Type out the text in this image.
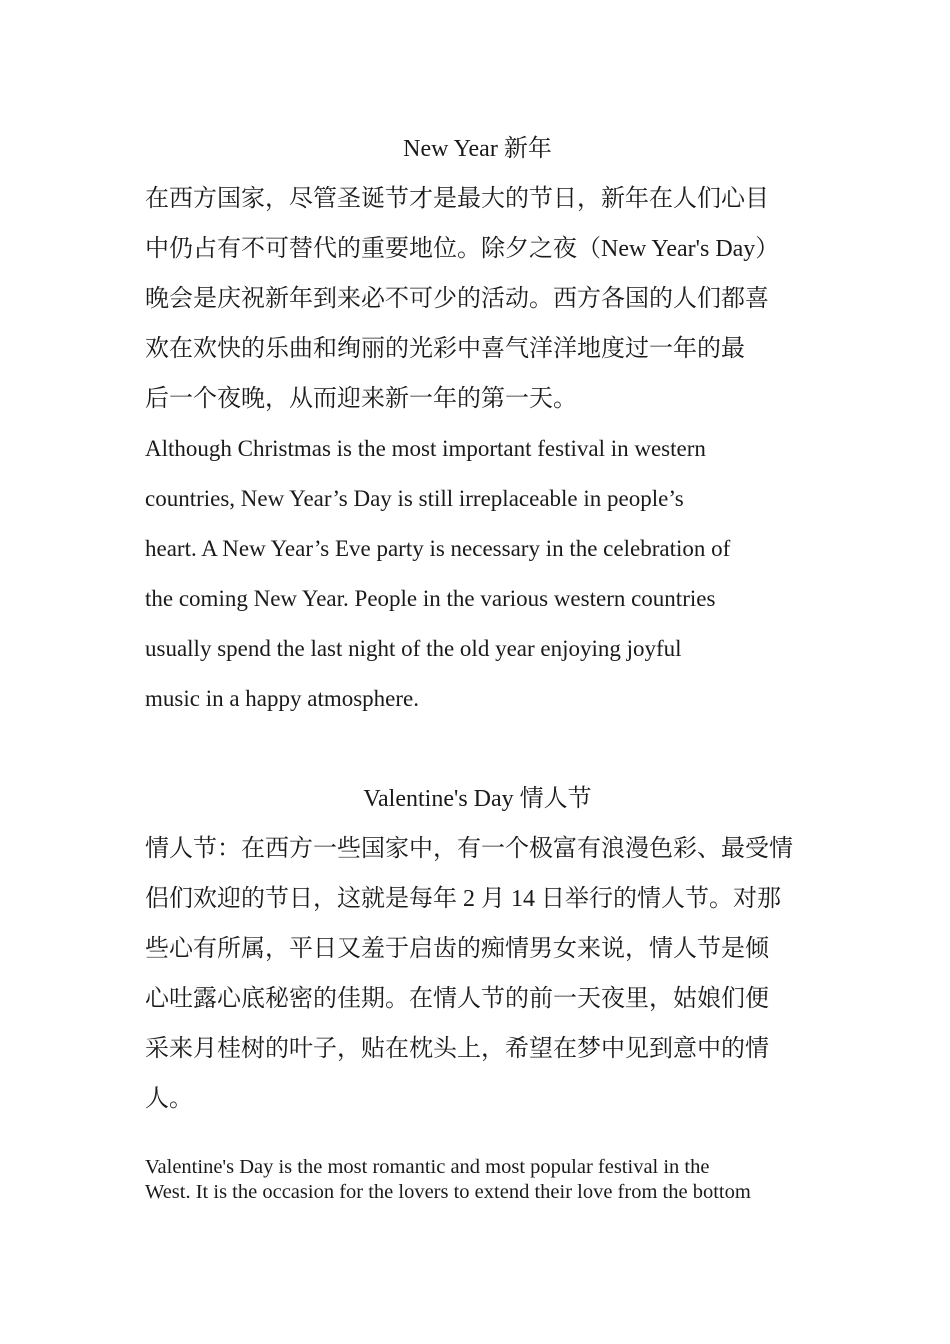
New Year 新年

在西方国家，尽管圣诞节才是最大的节日，新年在人们心目

中仍占有不可替代的重要地位。除夕之夜（New Year's Day）

晚会是庆祝新年到来必不可少的活动。西方各国的人们都喜

欢在欢快的乐曲和绚丽的光彩中喜气洋洋地度过一年的最

后一个夜晚，从而迎来新一年的第一天。

Although Christmas is the most important festival in western

countries, New Year’s Day is still irreplaceable in people’s

heart. A New Year’s Eve party is necessary in the celebration of

the coming New Year. People in the various western countries

usually spend the last night of the old year enjoying joyful

music in a happy atmosphere.

Valentine's Day 情人节

情人节：在西方一些国家中，有一个极富有浪漫色彩、最受情

侣们欢迎的节日，这就是每年 2 月 14 日举行的情人节。对那

些心有所属，平日又羞于启齿的痴情男女来说，情人节是倾

心吐露心底秘密的佳期。在情人节的前一天夜里，姑娘们便

采来月桂树的叶子，贴在枕头上，希望在梦中见到意中的情

人。

Valentine's Day is the most romantic and most popular festival in the

West. It is the occasion for the lovers to extend their love from the bottom
